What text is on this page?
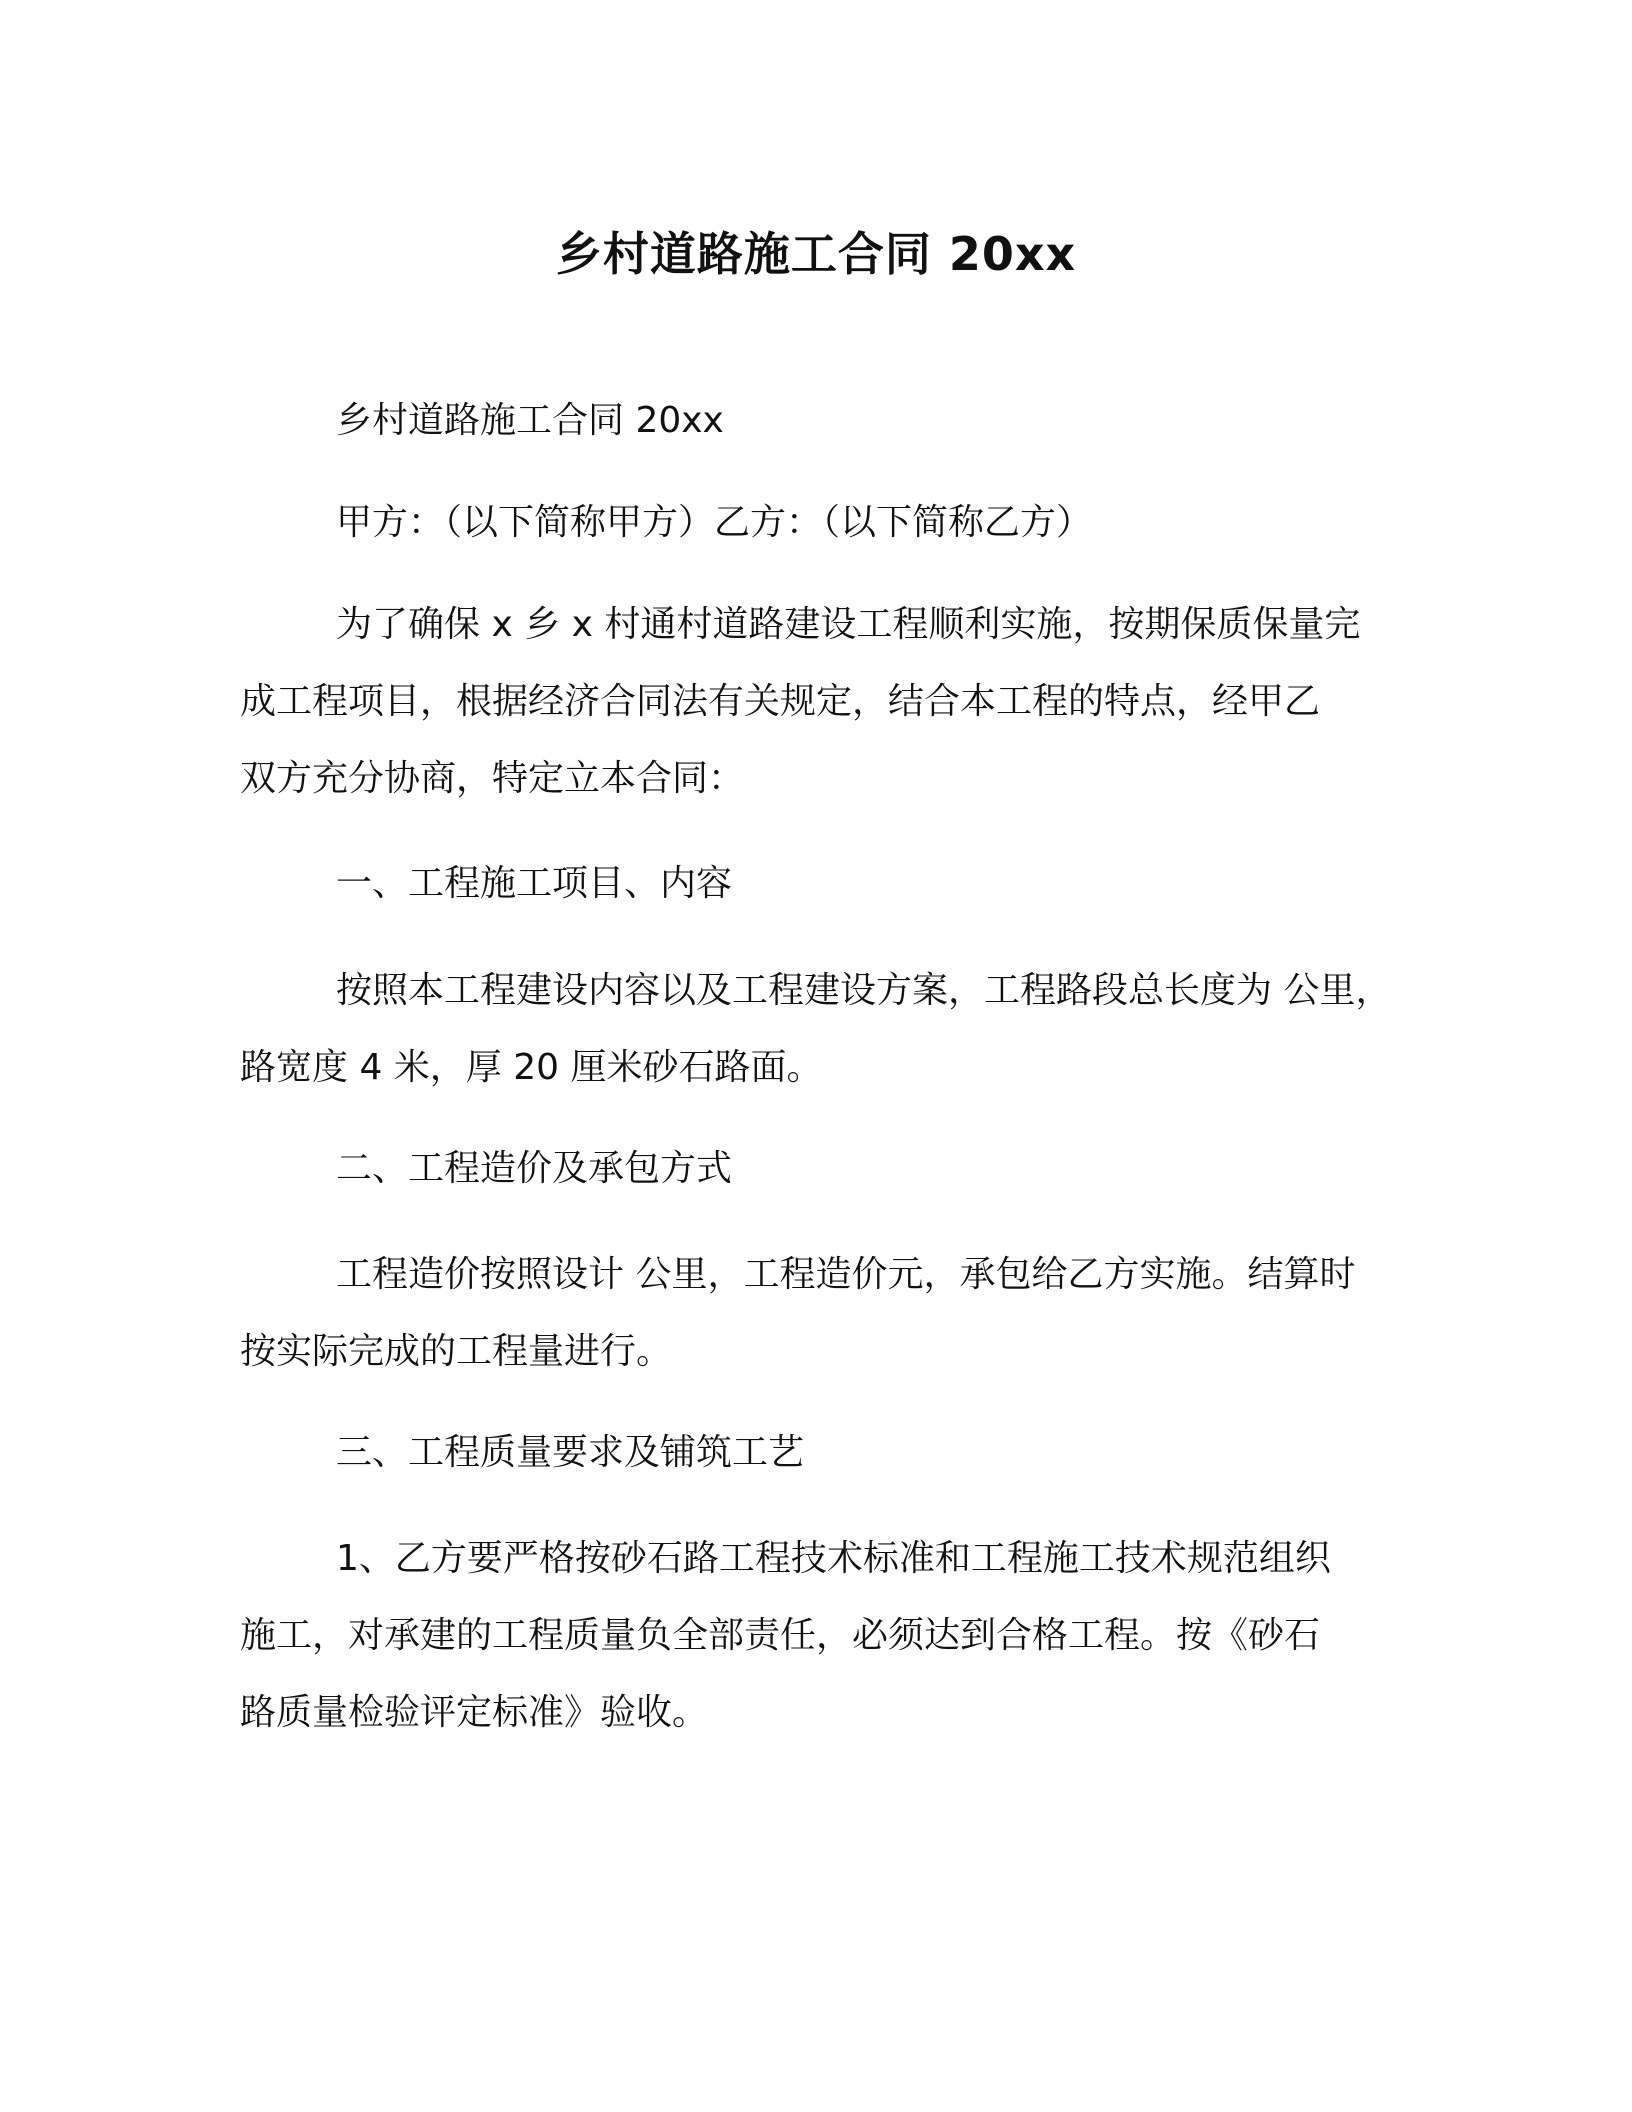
乡村道路施工合同 20xx

乡村道路施工合同 20xx

甲方：（以下简称甲方）乙方：（以下简称乙方）

为了确保 x 乡 x 村通村道路建设工程顺利实施，按期保质保量完
成工程项目，根据经济合同法有关规定，结合本工程的特点，经甲乙
双方充分协商，特定立本合同：

一、工程施工项目、内容

按照本工程建设内容以及工程建设方案，工程路段总长度为 公里，
路宽度 4 米，厚 20 厘米砂石路面。

二、工程造价及承包方式

工程造价按照设计 公里，工程造价元，承包给乙方实施。结算时
按实际完成的工程量进行。

三、工程质量要求及铺筑工艺

1、乙方要严格按砂石路工程技术标准和工程施工技术规范组织
施工，对承建的工程质量负全部责任，必须达到合格工程。按《砂石
路质量检验评定标准》验收。
